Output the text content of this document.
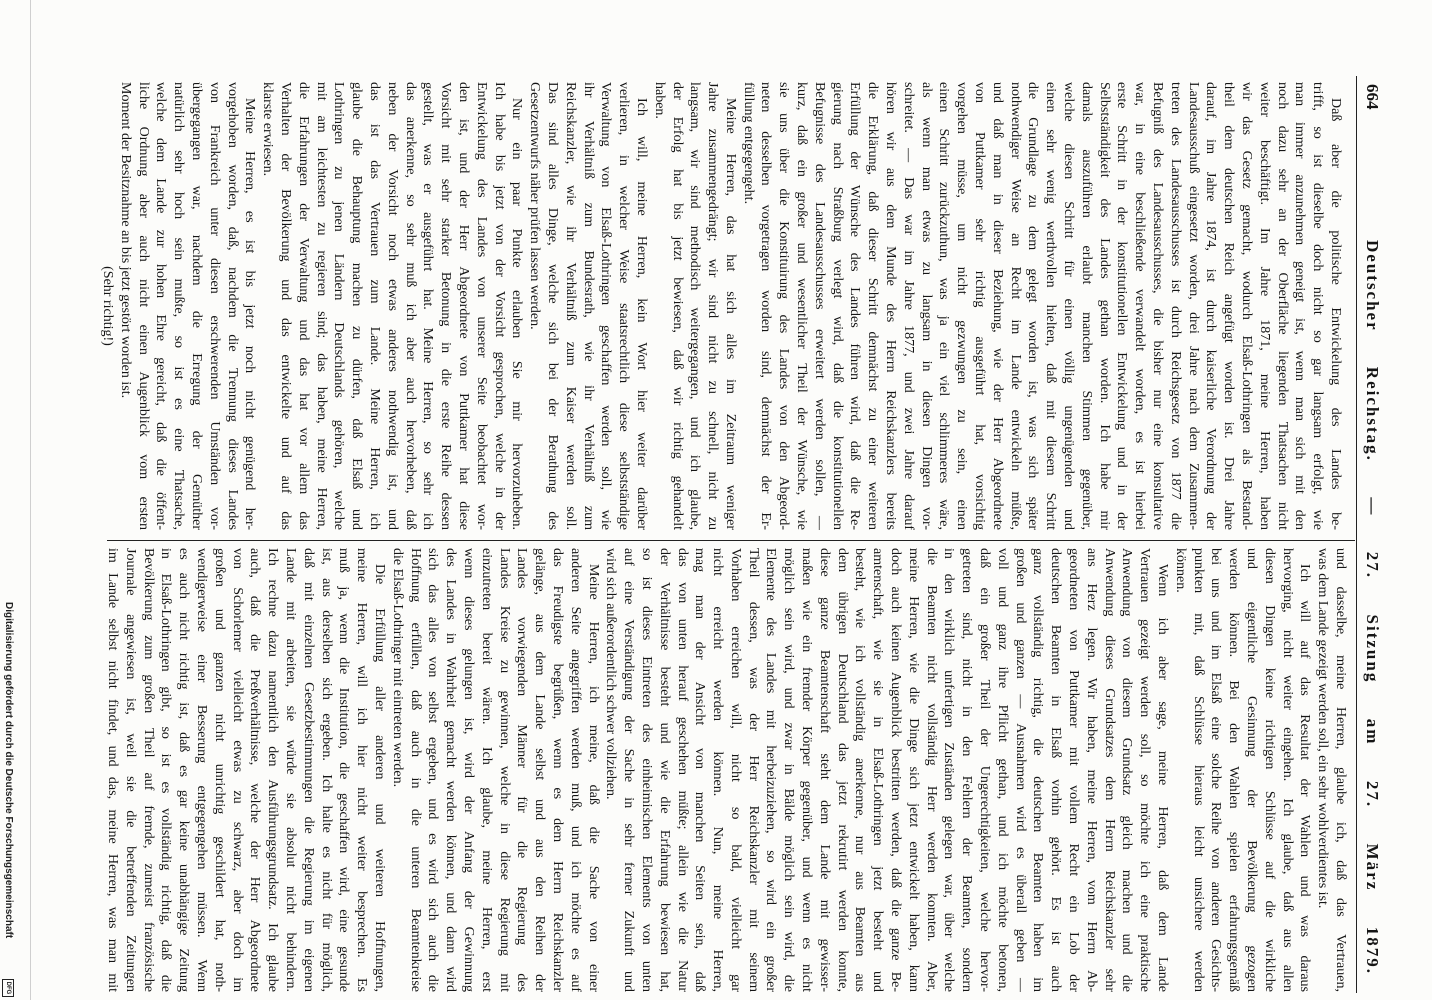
664
Deutscher Reichstag. — 27. Sitzung am 27. März 1879.
Daß aber die politische Entwickelung des Landes be-
trifft, so ist dieselbe doch nicht so gar langsam erfolgt, wie
man immer anzunehmen geneigt ist, wenn man sich mit den
noch dazu sehr an der Oberfläche liegenden Thatsachen nicht
weiter beschäftigt. Im Jahre 1871, meine Herren, haben
wir das Gesetz gemacht, wodurch Elsaß-Lothringen als Bestand-
theil dem deutschen Reich angefügt worden ist. Drei Jahre
darauf, im Jahre 1874, ist durch kaiserliche Verordnung der
Landesausschuß eingesetzt worden, drei Jahre nach dem Zusammen-
treten des Landesausschusses ist durch Reichsgesetz von 1877 die
Befugniß des Landesausschusses, die bisher nur eine konsultative
war, in eine beschließende verwandelt worden, es ist hierbei
erste Schritt in der konstitutionellen Entwickelung und in der
Selbstständigkeit des Landes gethan worden. Ich habe mir
damals auszuführen erlaubt manchen Stimmen gegenüber,
welche diesen Schritt für einen völlig ungenügenden und
einen sehr wenig werthvollen hielten, daß mit diesem Schritt
die Grundlage zu dem gelegt worden ist, was sich später
nothwendiger Weise an Recht im Lande entwickeln müßte,
und daß man in dieser Beziehung, wie der Herr Abgeordnete
von Puttkamer sehr richtig ausgeführt hat, vorsichtig
vorgehen müsse, um nicht gezwungen zu sein, einen
einen Schritt zurückzuthun, was ja ein viel schlimmeres wäre,
als wenn man etwas zu langsam in diesen Dingen vor-
schreitet. — Das war im Jahre 1877, und zwei Jahre darauf
hören wir aus dem Munde des Herrn Reichskanzlers bereits
die Erklärung, daß dieser Schritt demnächst zu einer weiteren
Erfüllung der Wünsche des Landes führen wird, daß die Re-
gierung nach Straßburg verlegt wird, daß die konstitutionellen
Befugnisse des Landesausschusses erweitert werden sollen, —
kurz, daß ein großer und wesentlicher Theil der Wünsche, wie
sie uns über die Konstituirung des Landes von den Abgeord-
neten desselben vorgetragen worden sind, demnächst der Er-
füllung entgegengeht.
Meine Herren, das hat sich alles im Zeitraum weniger
Jahre zusammengedrängt; wir sind nicht zu schnell, nicht zu
langsam, wir sind methodisch weitergegangen, und ich glaube,
der Erfolg hat bis jetzt bewiesen, daß wir richtig gehandelt
haben.
Ich will, meine Herren, kein Wort hier weiter darüber
verlieren, in welcher Weise staatsrechtlich diese selbstständige
Verwaltung von Elsaß-Lothringen geschaffen werden soll, wie
ihr Verhältniß zum Bundesrath, wie ihr Verhältniß zum
Reichskanzler, wie ihr Verhältniß zum Kaiser werden soll.
Das sind alles Dinge, welche sich bei der Berathung des
Gesetzentwurfs näher prüfen lassen werden.
Nur ein paar Punkte erlauben Sie mir hervorzuheben.
Ich habe bis jetzt von der Vorsicht gesprochen, welche in der
Entwickelung des Landes von unserer Seite beobachtet wor-
den ist, und der Herr Abgeordnete von Puttkamer hat diese
Vorsicht mit sehr starker Betonung in die erste Reihe dessen
gestellt, was er ausgeführt hat. Meine Herren, so sehr ich
das anerkenne, so sehr muß ich aber auch hervorheben, daß
neben der Vorsicht noch etwas anderes nothwendig ist, und
das ist das Vertrauen zum Lande. Meine Herren, ich
glaube die Behauptung machen zu dürfen, daß Elsaß und
Lothringen zu jenen Ländern Deutschlands gehören, welche
mit am leichtesten zu regieren sind; das haben, meine Herren,
die Erfahrungen der Verwaltung und das hat vor allem das
Verhalten der Bevölkerung und das entwickelte und auf das
klarste erwiesen.
Meine Herren, es ist bis jetzt noch nicht genügend her-
vorgehoben worden, daß, nachdem die Trennung dieses Landes
von Frankreich unter diesen erschwerenden Umständen vor-
übergegangen war, nachdem die Erregung der Gemüther
natürlich sehr hoch sein mußte, so ist es eine Thatsache,
welche dem Lande zur hohen Ehre gereicht, daß die öffent-
liche Ordnung aber auch nicht einen Augenblick vom ersten
Moment der Besitznahme an bis jetzt gestört worden ist.
(Sehr richtig!)
und dasselbe, meine Herren, glaube ich, daß das Vertrauen,
was dem Lande gezeigt werden soll, ein sehr wohlverdientes ist.
Ich will auf das Resultat der Wahlen und was daraus
hervorging, nicht weiter eingehen. Ich glaube, daß aus allen
diesen Dingen keine richtigen Schlüsse auf die wirkliche
und eigentliche Gesinnung der Bevölkerung gezogen
werden können. Bei den Wahlen spielen erfahrungsgemäß
bei uns und im Elsaß eine solche Reihe von anderen Gesichts-
punkten mit, daß Schlüsse hieraus leicht unsichere werden
können.
Wenn ich aber sage, meine Herren, daß dem Lande
Vertrauen gezeigt werden soll, so möchte ich eine praktische
Anwendung von diesem Grundsatz gleich machen und die
Anwendung dieses Grundsatzes dem Herrn Reichskanzler sehr
ans Herz legen. Wir haben, meine Herren, vom Herrn Ab-
geordneten von Puttkamer mit vollem Recht ein Lob der
deutschen Beamten in Elsaß vorhin gehört. Es ist auch
ganz vollständig richtig, die deutschen Beamten haben im
großen und ganzen — Ausnahmen wird es überall geben —
voll und ganz ihre Pflicht gethan, und ich möchte betonen,
daß ein großer Theil der Ungerechtigkeiten, welche hervor-
getreten sind, nicht in den Fehlern der Beamten, sondern
in den wirklich unfertigen Zuständen gelegen war, über welche
die Beamten nicht vollständig Herr werden konnten. Aber,
meine Herren, wie die Dinge sich jetzt entwickelt haben, kann
doch auch keinen Augenblick bestritten werden, daß die ganze Be-
amtenschaft, wie sie in Elsaß-Lothringen jetzt besteht und
besteht, wie ich vollständig anerkenne, nur aus Beamten aus
dem übrigen Deutschland das jetzt rekrutirt werden konnte,
diese ganze Beamtenschaft steht dem Lande mit gewisser-
maßen wie ein fremder Körper gegenüber, und wenn es nicht
möglich sein wird, und zwar in Bälde möglich sein wird, die
Elemente des Landes mit herbeizuziehen, so wird ein großer
Theil dessen, was der Herr Reichskanzler mit seinem
Vorhaben erreichen will, nicht so bald, vielleicht gar
nicht erreicht werden können. Nun, meine Herren,
mag man der Ansicht von manchen Seiten sein, daß
das von unten herauf geschehen müßte; allein wie die Natur
der Verhältnisse besteht und wie die Erfahrung bewiesen hat,
so ist dieses Eintreten des einheimischen Elements von unten
auf eine Verständigung der Sache in sehr ferner Zukunft und
wird sich außerordentlich schwer vollziehen.
Meine Herren, ich meine, daß die Sache von einer
anderen Seite angegriffen werden muß, und ich möchte es auf
das Freudigste begrüßen, wenn es dem Herrn Reichskanzler
gelänge, aus dem Lande selbst und aus den Reihen der
Landes vorwiegenden Männer für die Regierung des
Landes Kreise zu gewinnen, welche in diese Regierung mit
einzutreten bereit wären. Ich glaube, meine Herren, erst
wenn dieses gelungen ist, wird der Anfang der Gewinnung
des Landes in Wahrheit gemacht werden können, und dann wird
sich das alles von selbst ergeben, und es wird sich auch die
Hoffnung erfüllen, daß auch in die unteren Beamtenkreise
die Elsaß-Lothringer mit eintreten werden.
Die Erfüllung aller anderen und weiteren Hoffnungen,
meine Herren, will ich hier nicht weiter besprechen. Es
muß ja, wenn die Institution, die geschaffen wird, eine gesunde
ist, aus derselben sich ergeben. Ich halte es nicht für möglich,
daß mit einzelnen Gesetzbestimmungen die Regierung im eigenen
Lande mit arbeiten, sie würde sie absolut nicht behindern.
Ich rechne dazu namentlich den Ausführungsgrundsatz. Ich glaube
auch, daß die Preßverhältnisse, welche der Herr Abgeordnete
von Schorlemer vielleicht etwas zu schwarz, aber doch im
großen und ganzen nicht unrichtig geschildert hat, noth-
wendigerweise einer Besserung entgegengehen müssen. Wenn
es auch nicht richtig ist, daß es gar keine unabhängige Zeitung
in Elsaß-Lothringen gibt, so ist es vollständig richtig, daß die
Bevölkerung zum großen Theil auf fremde, zumeist französische
Journale angewiesen ist, weil sie die betreffenden Zeitungen
im Lande selbst nicht findet, und das, meine Herren, was man mit
Digitalisierung gefördert durch die Deutsche Forschungsgemeinschaft
DFG
